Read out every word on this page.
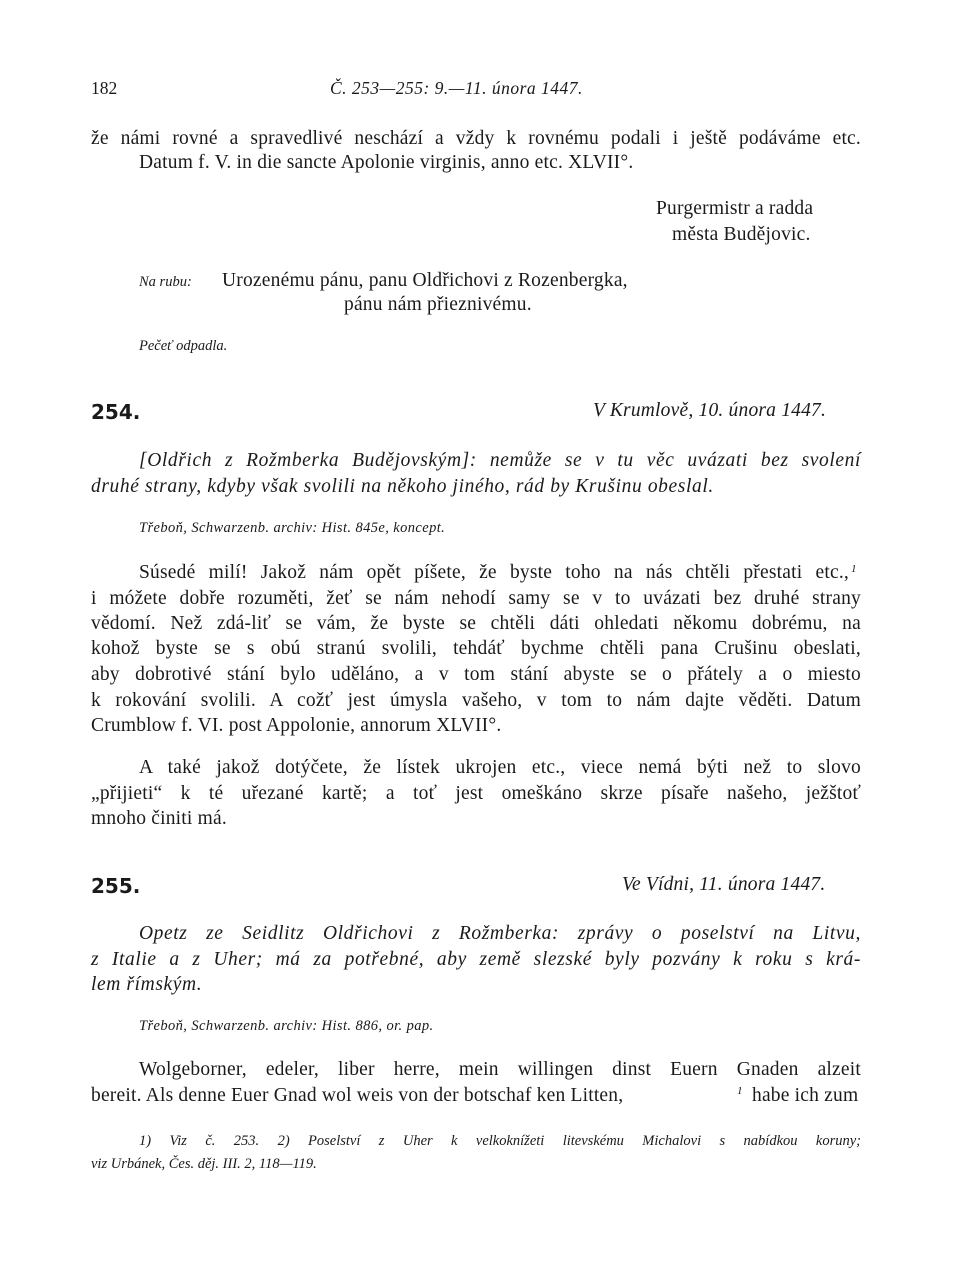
182	Č. 253—255: 9.—11. února 1447.
že námi rovné a spravedlivé neschází a vždy k rovnému podali i ještě podáváme etc.
Datum f. V. in die sancte Apolonie virginis, anno etc. XLVII°.
Purgermistr a radda
města Budějovic.
Na rubu: Urozenému pánu, panu Oldřichovi z Rozenbergka,
pánu nám přieznivému.
Pečeť odpadla.
254.	V Krumlově, 10. února 1447.
[Oldřich z Rožmberka Budějovským]: nemůže se v tu věc uvázati bez svolení
druhé strany, kdyby však svolili na někoho jiného, rád by Krušinu obeslal.
Třeboň, Schwarzenb. archiv: Hist. 845e, koncept.
Súsedé milí! Jakož nám opět píšete, že byste toho na nás chtěli přestati etc., 1
i móžete dobře rozuměti, žeť se nám nehodí samy se v to uvázati bez druhé strany
vědomí. Než zdá-liť se vám, že byste se chtěli dáti ohledati někomu dobrému, na
kohož byste se s obú stranú svolili, tehdáť bychme chtěli pana Crušinu obeslati,
aby dobrotivé stání bylo uděláno, a v tom stání abyste se o přátely a o miesto
k rokování svolili. A cožť jest úmysla vašeho, v tom to nám dajte věděti. Datum
Crumblow f. VI. post Appolonie, annorum XLVII°.
A také jakož dotýčete, že lístek ukrojen etc., viece nemá býti než to slovo
„přijieti“ k té uřezané kartě; a toť jest omeškáno skrze písaře našeho, ježštoť
mnoho činiti má.
255.	Ve Vídni, 11. února 1447.
Opetz ze Seidlitz Oldřichovi z Rožmberka: zprávy o poselství na Litvu,
z Italie a z Uher; má za potřebné, aby země slezské byly pozvány k roku s krá-
lem římským.
Třeboň, Schwarzenb. archiv: Hist. 886, or. pap.
Wolgeborner, edeler, liber herre, mein willingen dinst Euern Gnaden alzeit
bereit. Als denne Euer Gnad wol weis von der botschaf ken Litten,	1 habe ich zum
1) Viz č. 253. 2) Poselství z Uher k velkoknížeti litevskému Michalovi s nabídkou koruny;
viz Urbánek, Čes. děj. III. 2, 118—119.
